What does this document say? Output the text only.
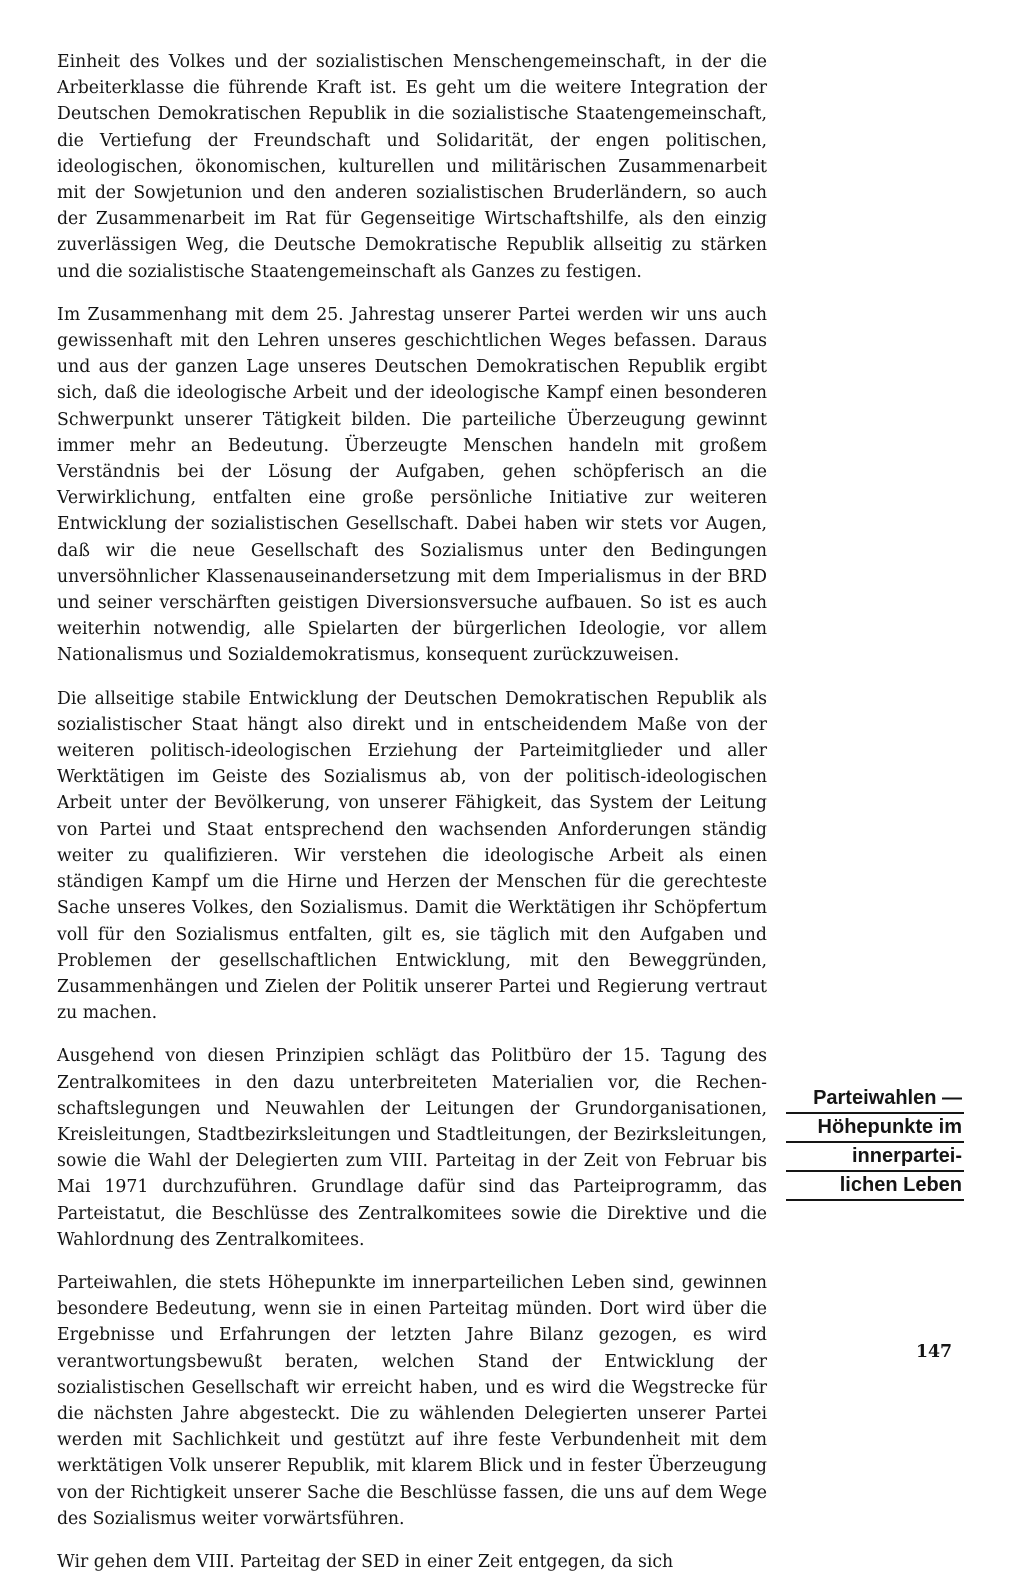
Einheit des Volkes und der sozialistischen Menschengemeinschaft, in der die Arbeiterklasse die führende Kraft ist. Es geht um die weitere Integration der Deutschen Demokratischen Republik in die sozialistische Staatengemeinschaft, die Vertiefung der Freundschaft und Solidarität, der engen politischen, ideologischen, ökonomischen, kulturellen und militärischen Zusammenarbeit mit der Sowjetunion und den anderen sozialistischen Bruderländern, so auch der Zusammenarbeit im Rat für Gegenseitige Wirtschaftshilfe, als den einzig zuverlässigen Weg, die Deutsche Demokratische Republik allseitig zu stärken und die sozialistische Staatengemeinschaft als Ganzes zu festigen.

Im Zusammenhang mit dem 25. Jahrestag unserer Partei werden wir uns auch gewissenhaft mit den Lehren unseres geschichtlichen Weges befassen. Daraus und aus der ganzen Lage unseres Deutschen Demokratischen Republik ergibt sich, daß die ideologische Arbeit und der ideologische Kampf einen besonderen Schwerpunkt unserer Tätigkeit bilden. Die parteiliche Überzeugung gewinnt immer mehr an Bedeutung. Überzeugte Menschen handeln mit großem Verständnis bei der Lösung der Aufgaben, gehen schöpferisch an die Verwirklichung, entfalten eine große persönliche Initiative zur weiteren Entwicklung der sozialistischen Gesellschaft. Dabei haben wir stets vor Augen, daß wir die neue Gesellschaft des Sozialismus unter den Bedingungen unversöhnlicher Klassenauseinandersetzung mit dem Imperialismus in der BRD und seiner verschärften geistigen Diversionsversuche aufbauen. So ist es auch weiterhin notwendig, alle Spielarten der bürgerlichen Ideologie, vor allem Nationalismus und Sozialdemokratismus, konsequent zurückzuweisen.

Die allseitige stabile Entwicklung der Deutschen Demokratischen Republik als sozialistischer Staat hängt also direkt und in entscheidendem Maße von der weiteren politisch-ideologischen Erziehung der Parteimitglieder und aller Werktätigen im Geiste des Sozialismus ab, von der politisch-ideologischen Arbeit unter der Bevölkerung, von unserer Fähigkeit, das System der Leitung von Partei und Staat entsprechend den wachsenden Anforderungen ständig weiter zu qualifizieren. Wir verstehen die ideologische Arbeit als einen ständigen Kampf um die Hirne und Herzen der Menschen für die gerechteste Sache unseres Volkes, den Sozialismus. Damit die Werktätigen ihr Schöpfertum voll für den Sozialismus entfalten, gilt es, sie täglich mit den Aufgaben und Problemen der gesellschaftlichen Entwicklung, mit den Beweggründen, Zusammenhängen und Zielen der Politik unserer Partei und Regierung vertraut zu machen.

Ausgehend von diesen Prinzipien schlägt das Politbüro der 15. Tagung des Zentralkomitees in den dazu unterbreiteten Materialien vor, die Rechenschaftslegungen und Neuwahlen der Leitungen der Grundorganisationen, Kreisleitungen, Stadtbezirksleitungen und Stadtleitungen, der Bezirksleitungen, sowie die Wahl der Delegierten zum VIII. Parteitag in der Zeit von Februar bis Mai 1971 durchzuführen. Grundlage dafür sind das Parteiprogramm, das Parteistatut, die Beschlüsse des Zentralkomitees sowie die Direktive und die Wahlordnung des Zentralkomitees.

Parteiwahlen, die stets Höhepunkte im innerparteilichen Leben sind, gewinnen besondere Bedeutung, wenn sie in einen Parteitag münden. Dort wird über die Ergebnisse und Erfahrungen der letzten Jahre Bilanz gezogen, es wird verantwortungsbewußt beraten, welchen Stand der Entwicklung der sozialistischen Gesellschaft wir erreicht haben, und es wird die Wegstrecke für die nächsten Jahre abgesteckt. Die zu wählenden Delegierten unserer Partei werden mit Sachlichkeit und gestützt auf ihre feste Verbundenheit mit dem werktätigen Volk unserer Republik, mit klarem Blick und in fester Überzeugung von der Richtigkeit unserer Sache die Beschlüsse fassen, die uns auf dem Wege des Sozialismus weiter vorwärtsführen.

Wir gehen dem VIII. Parteitag der SED in einer Zeit entgegen, da sich

Parteiwahlen —
Höhepunkte im
innerpartei-
lichen Leben
147
